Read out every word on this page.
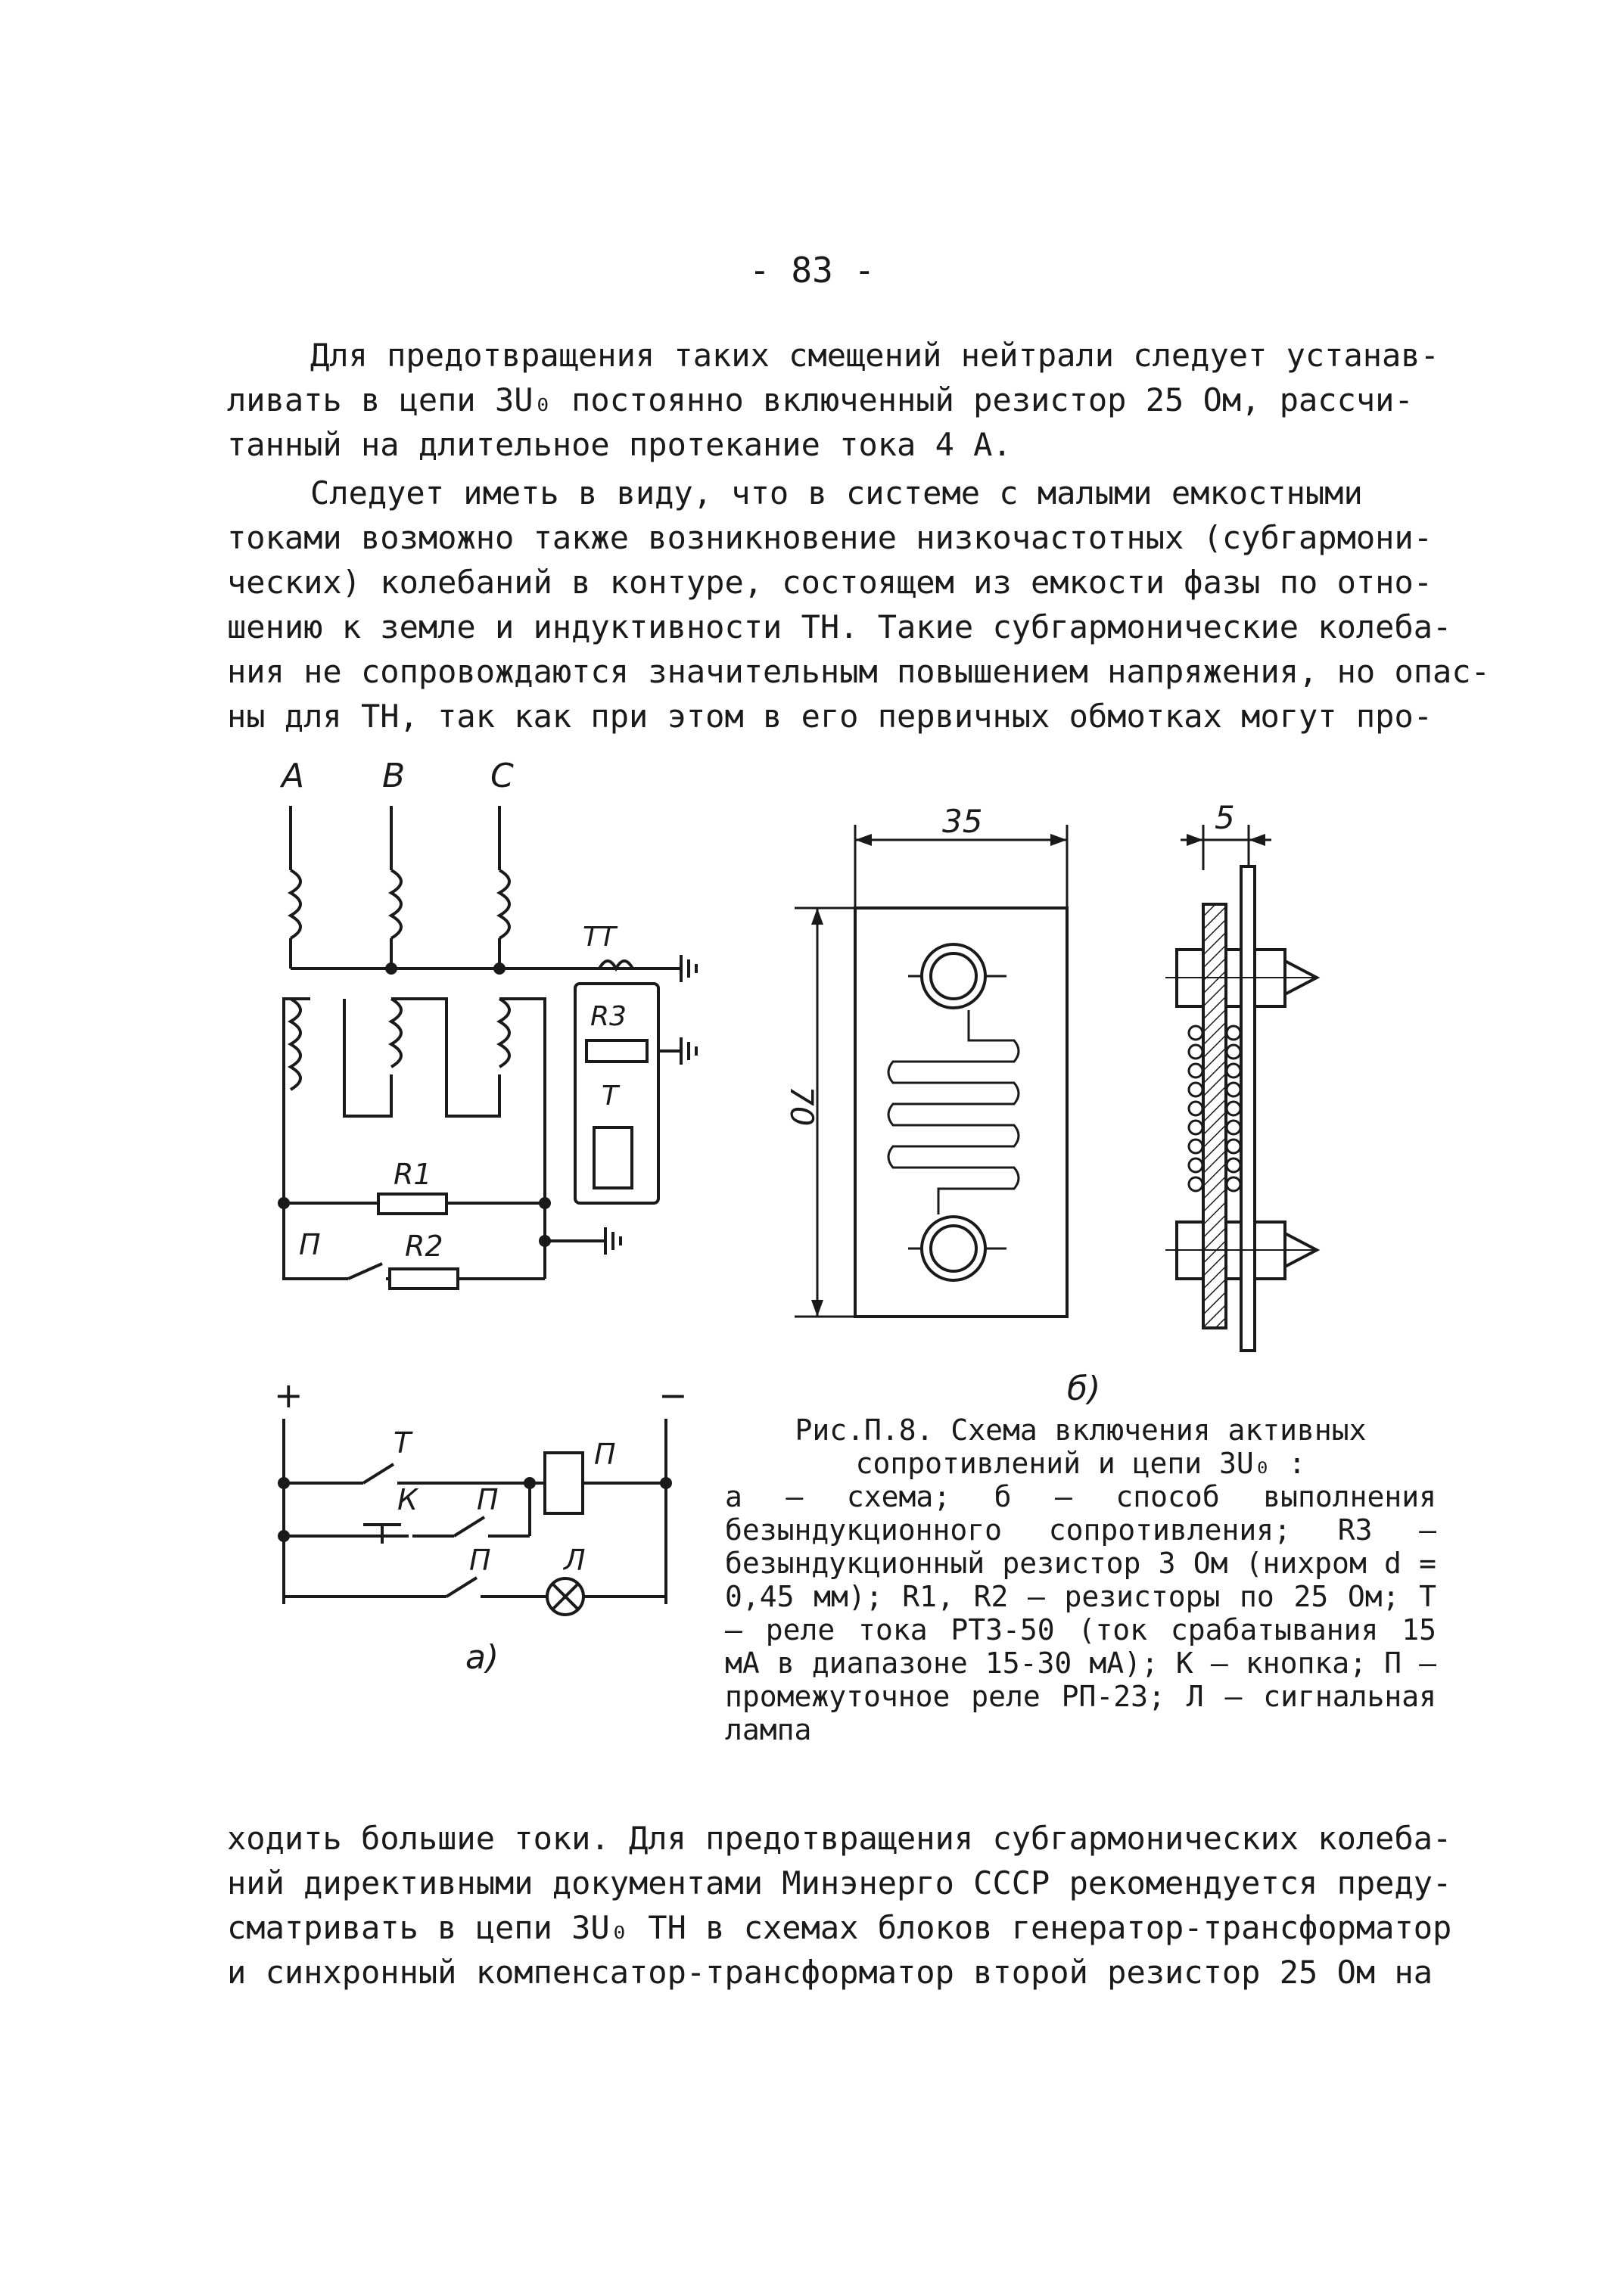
- 83 -

Для предотвращения таких смещений нейтрали следует устанав-

ливать в цепи 3U₀ постоянно включенный резистор 25 Ом, рассчи-

танный на длительное протекание тока 4 А.

Следует иметь в виду, что в системе с малыми емкостными

токами возможно также возникновение низкочастотных (субгармони-

ческих) колебаний в контуре, состоящем из емкости фазы по отно-

шению к земле и индуктивности ТН. Такие субгармонические колеба-

ния не сопровождаются значительным повышением напряжения, но опас-

ны для ТН, так как при этом в его первичных обмотках могут про-

A B	C
ТТ
R3
Т
R1
П	R2
+	−
Т	П
К П
П	Л
а)
35
70
5
б)

Рис.П.8. Схема включения активных

сопротивлений и цепи 3U₀ :

а – схема; б – способ выполнения безындукционного сопротивления; R3 – безындукционный резистор 3 Ом (нихром d = 0,45 мм); R1, R2 – резисторы по 25 Ом; Т – реле тока РТ3-50 (ток срабатывания 15 мА в диапазоне 15-30 мА); К – кнопка; П – промежуточное реле РП-23; Л – сигнальная лампа

ходить большие токи. Для предотвращения субгармонических колеба-

ний директивными документами Минэнерго СССР рекомендуется преду-

сматривать в цепи 3U₀ ТН в схемах блоков генератор-трансформатор

и синхронный компенсатор-трансформатор второй резистор 25 Ом на
